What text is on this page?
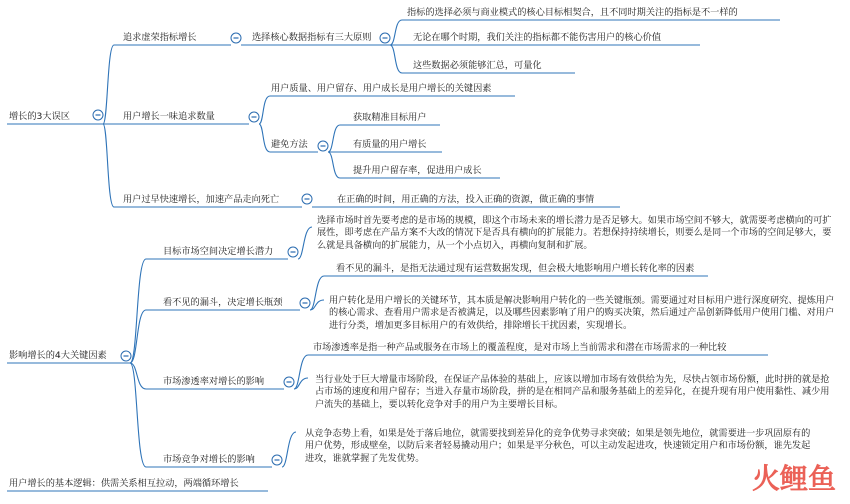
增长的3大误区
追求虚荣指标增长	选择核心数据指标有三大原则
指标的选择必须与商业模式的核心目标相契合，且不同时期关注的指标是不一样的
无论在哪个时期，我们关注的指标都不能伤害用户的核心价值
这些数据必须能够汇总，可量化
用户增长一味追求数量
用户质量、用户留存、用户成长是用户增长的关键因素
避免方法
获取精准目标用户
有质量的用户增长
提升用户留存率，促进用户成长
用户过早快速增长，加速产品走向死亡	在正确的时间，用正确的方法，投入正确的资源，做正确的事情
影响增长的4大关键因素
目标市场空间决定增长潜力
选择市场时首先要考虑的是市场的规模，即这个市场未来的增长潜力是否足够大。如果市场空间不够大，就需要考虑横向的可扩展性，即考虑在产品方案不大改的情况下是否具有横向的扩展能力。若想保持持续增长，则要么是同一个市场的空间足够大，要么就是具备横向的扩展能力，从一个小点切入，再横向复制和扩展。
看不见的漏斗，决定增长瓶颈
看不见的漏斗，是指无法通过现有运营数据发现，但会极大地影响用户增长转化率的因素
用户转化是用户增长的关键环节，其本质是解决影响用户转化的一些关键瓶颈。需要通过对目标用户进行深度研究、提炼用户的核心需求、查看用户需求是否被满足，以及哪些因素影响了用户的购买决策，然后通过产品创新降低用户使用门槛、对用户进行分类，增加更多目标用户的有效供给，排除增长干扰因素，实现增长。
市场渗透率对增长的影响
市场渗透率是指一种产品或服务在市场上的覆盖程度，是对市场上当前需求和潜在市场需求的一种比较
当行业处于巨大增量市场阶段，在保证产品体验的基础上，应该以增加市场有效供给为先，尽快占领市场份额，此时拼的就是抢占市场的速度和用户留存；当进入存量市场阶段，拼的是在相同产品和服务基础上的差异化，在提升现有用户使用黏性、减少用户流失的基础上，要以转化竞争对手的用户为主要增长目标。
市场竞争对增长的影响
从竞争态势上看，如果是处于落后地位，就需要找到差异化的竞争优势寻求突破；如果是领先地位，就需要进一步巩固原有的用户优势，形成壁垒，以防后来者轻易撬动用户；如果是平分秋色，可以主动发起进攻，快速锁定用户和市场份额，谁先发起进攻，谁就掌握了先发优势。
用户增长的基本逻辑：供需关系相互拉动，两端循环增长	火鲤鱼
